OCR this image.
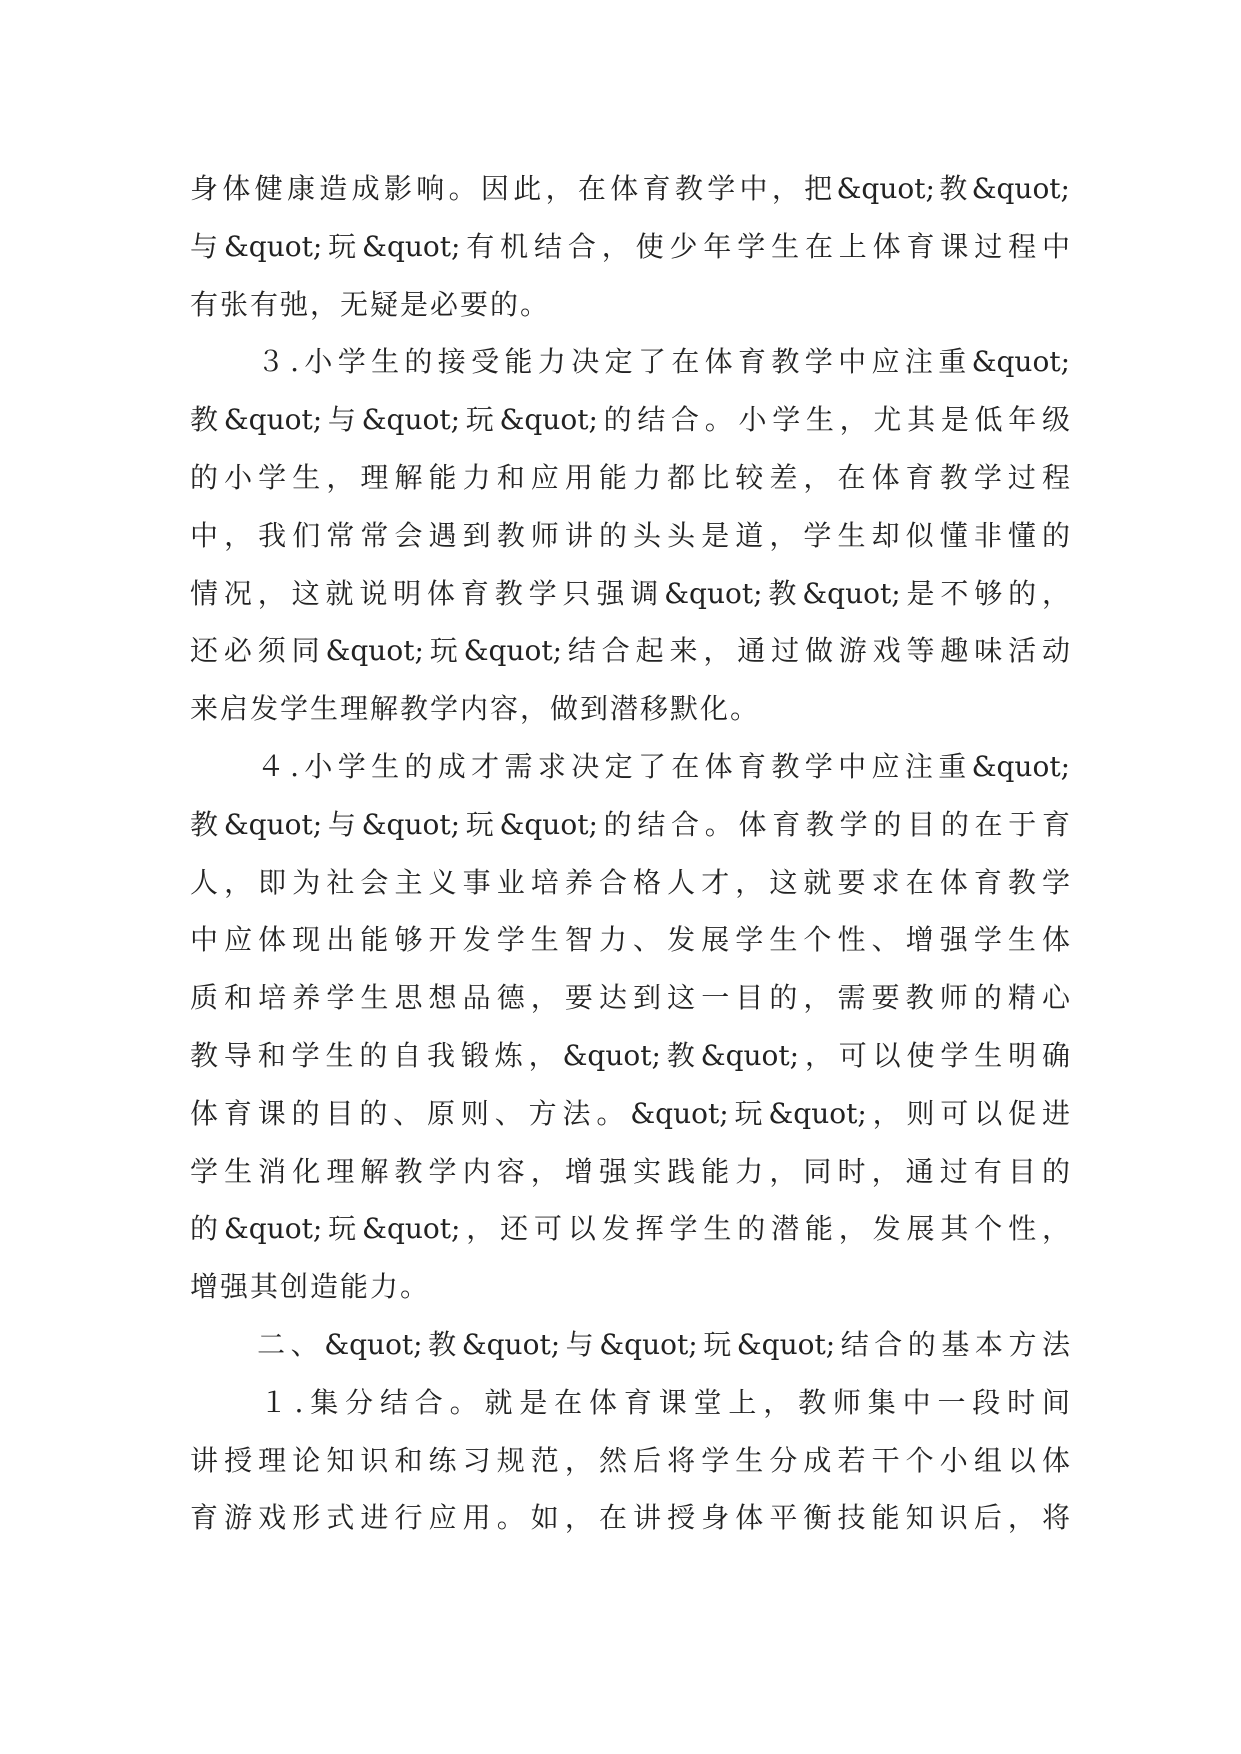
身体健康造成影响。因此，在体育教学中，把&quot;教&quot;
与&quot;玩&quot;有机结合，使少年学生在上体育课过程中
有张有弛，无疑是必要的。
　　３.小学生的接受能力决定了在体育教学中应注重&quot;
教&quot;与&quot;玩&quot;的结合。小学生，尤其是低年级
的小学生，理解能力和应用能力都比较差，在体育教学过程
中，我们常常会遇到教师讲的头头是道，学生却似懂非懂的
情况，这就说明体育教学只强调&quot;教&quot;是不够的，
还必须同&quot;玩&quot;结合起来，通过做游戏等趣味活动
来启发学生理解教学内容，做到潜移默化。
　　４.小学生的成才需求决定了在体育教学中应注重&quot;
教&quot;与&quot;玩&quot;的结合。体育教学的目的在于育
人，即为社会主义事业培养合格人才，这就要求在体育教学
中应体现出能够开发学生智力、发展学生个性、增强学生体
质和培养学生思想品德，要达到这一目的，需要教师的精心
教导和学生的自我锻炼，&quot;教&quot;，可以使学生明确
体育课的目的、原则、方法。&quot;玩&quot;，则可以促进
学生消化理解教学内容，增强实践能力，同时，通过有目的
的&quot;玩&quot;，还可以发挥学生的潜能，发展其个性，
增强其创造能力。
　　二、&quot;教&quot;与&quot;玩&quot;结合的基本方法
　　１.集分结合。就是在体育课堂上，教师集中一段时间
讲授理论知识和练习规范，然后将学生分成若干个小组以体
育游戏形式进行应用。如，在讲授身体平衡技能知识后，将
